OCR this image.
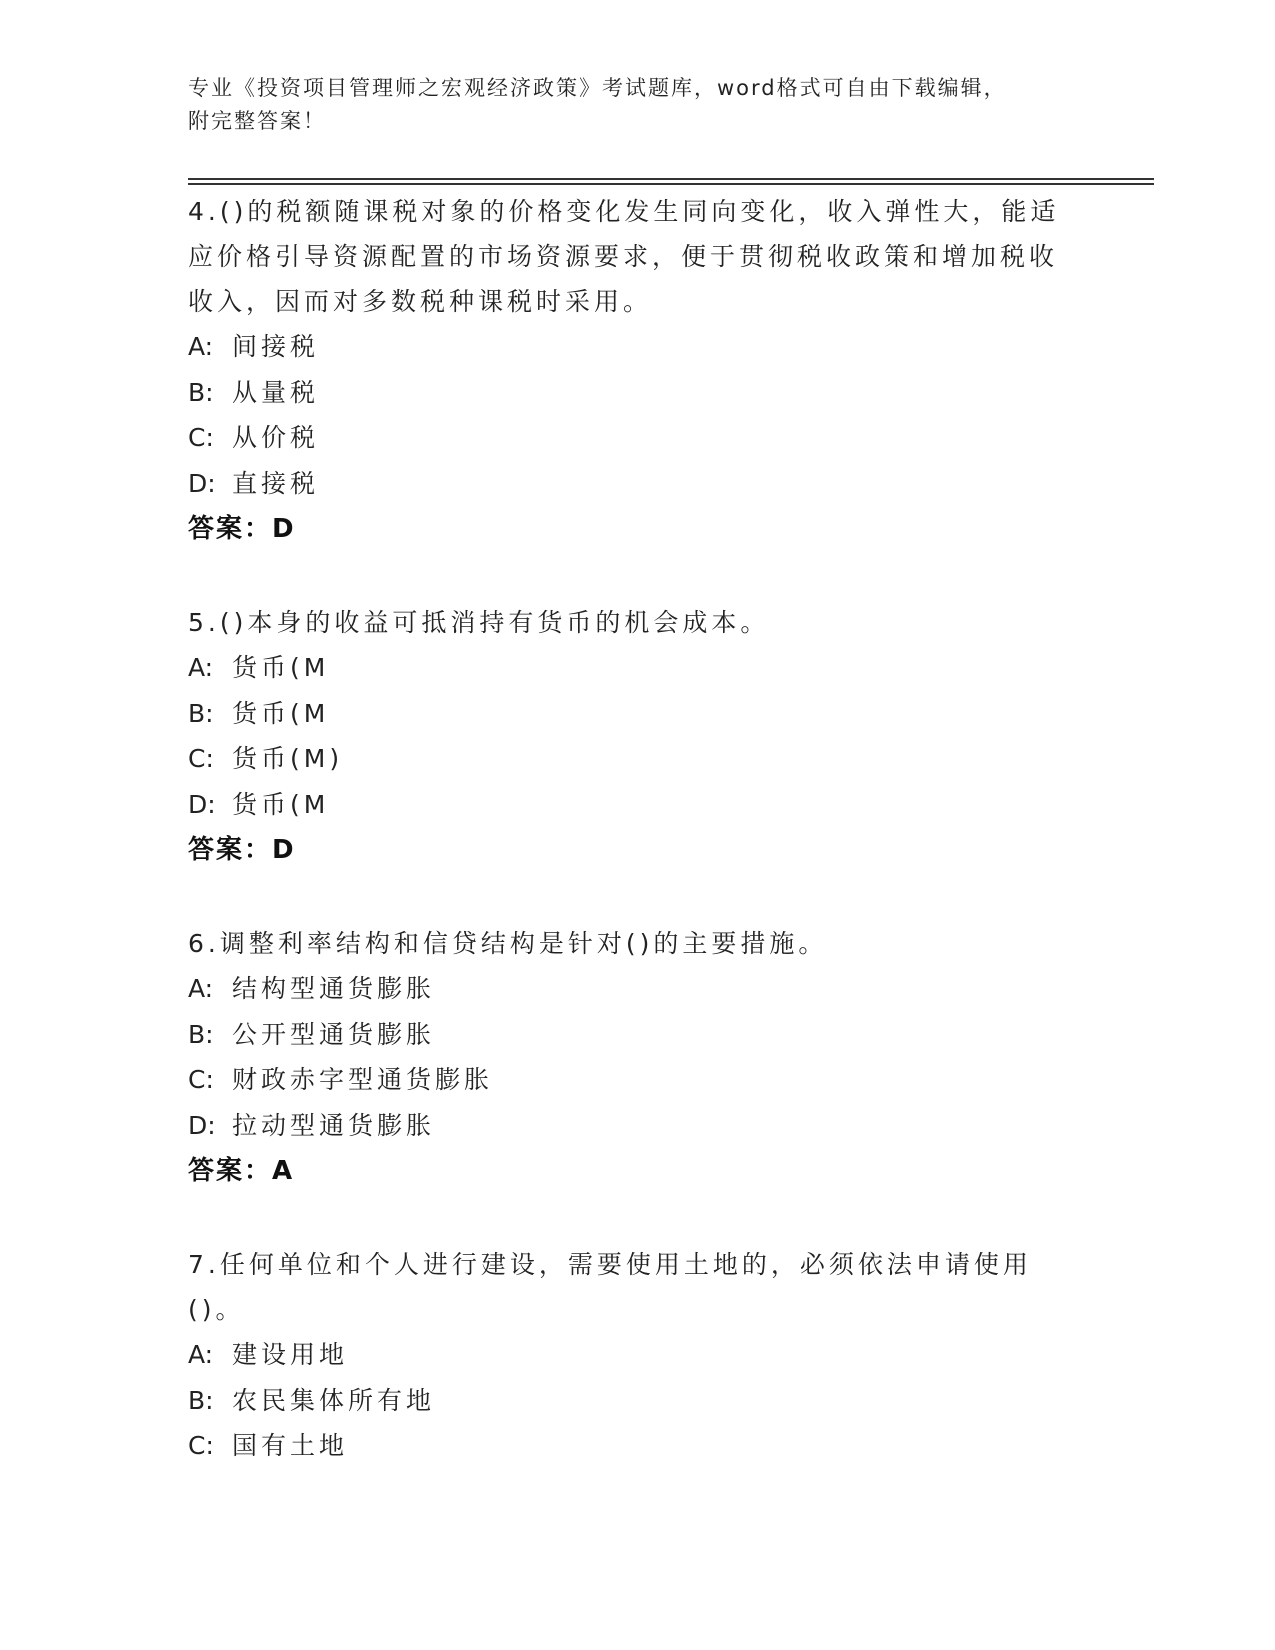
专业《投资项目管理师之宏观经济政策》考试题库，word格式可自由下载编辑，
附完整答案！

4.()的税额随课税对象的价格变化发生同向变化，收入弹性大，能适应价格引导资源配置的市场资源要求，便于贯彻税收政策和增加税收收入，因而对多数税种课税时采用。

A: 间接税

B: 从量税

C: 从价税

D: 直接税

答案：D

5.()本身的收益可抵消持有货币的机会成本。

A: 货币(M

B: 货币(M

C: 货币(M)

D: 货币(M

答案：D

6.调整利率结构和信贷结构是针对()的主要措施。

A: 结构型通货膨胀

B: 公开型通货膨胀

C: 财政赤字型通货膨胀

D: 拉动型通货膨胀

答案：A

7.任何单位和个人进行建设，需要使用土地的，必须依法申请使用()。

A: 建设用地

B: 农民集体所有地

C: 国有土地
